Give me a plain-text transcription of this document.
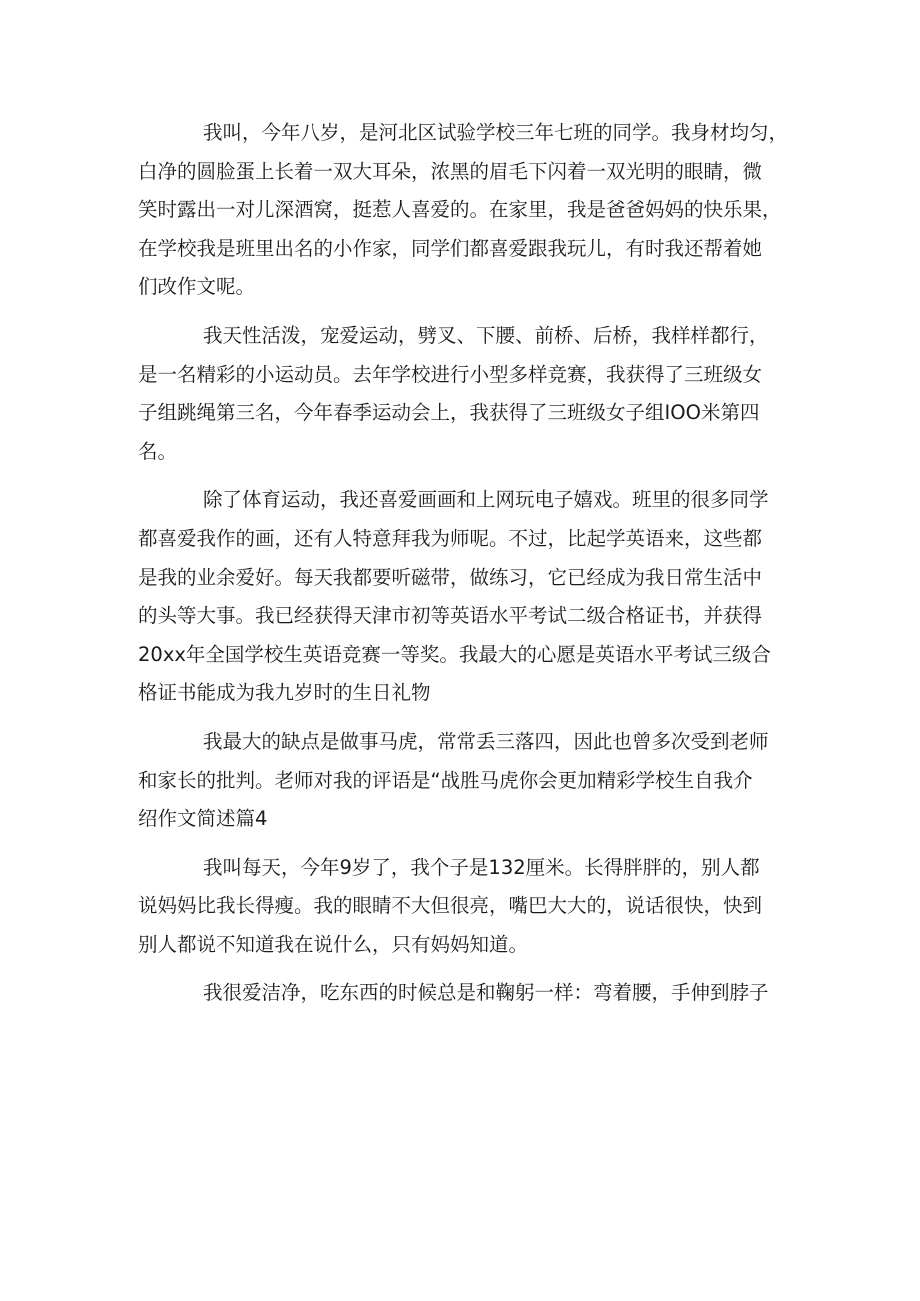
我叫，今年八岁，是河北区试验学校三年七班的同学。我身材均匀，
白净的圆脸蛋上长着一双大耳朵，浓黑的眉毛下闪着一双光明的眼睛，微
笑时露出一对儿深酒窝，挺惹人喜爱的。在家里，我是爸爸妈妈的快乐果，
在学校我是班里出名的小作家，同学们都喜爱跟我玩儿，有时我还帮着她
们改作文呢。
我天性活泼，宠爱运动，劈叉、下腰、前桥、后桥，我样样都行，
是一名精彩的小运动员。去年学校进行小型多样竞赛，我获得了三班级女
子组跳绳第三名，今年春季运动会上，我获得了三班级女子组IOO米第四
名。
除了体育运动，我还喜爱画画和上网玩电子嬉戏。班里的很多同学
都喜爱我作的画，还有人特意拜我为师呢。不过，比起学英语来，这些都
是我的业余爱好。每天我都要听磁带，做练习，它已经成为我日常生活中
的头等大事。我已经获得天津市初等英语水平考试二级合格证书，并获得
20xx年全国学校生英语竞赛一等奖。我最大的心愿是英语水平考试三级合
格证书能成为我九岁时的生日礼物
我最大的缺点是做事马虎，常常丢三落四，因此也曾多次受到老师
和家长的批判。老师对我的评语是“战胜马虎你会更加精彩学校生自我介
绍作文简述篇4
我叫每天，今年9岁了，我个子是132厘米。长得胖胖的，别人都
说妈妈比我长得瘦。我的眼睛不大但很亮，嘴巴大大的，说话很快，快到
别人都说不知道我在说什么，只有妈妈知道。
我很爱洁净，吃东西的时候总是和鞠躬一样：弯着腰，手伸到脖子
